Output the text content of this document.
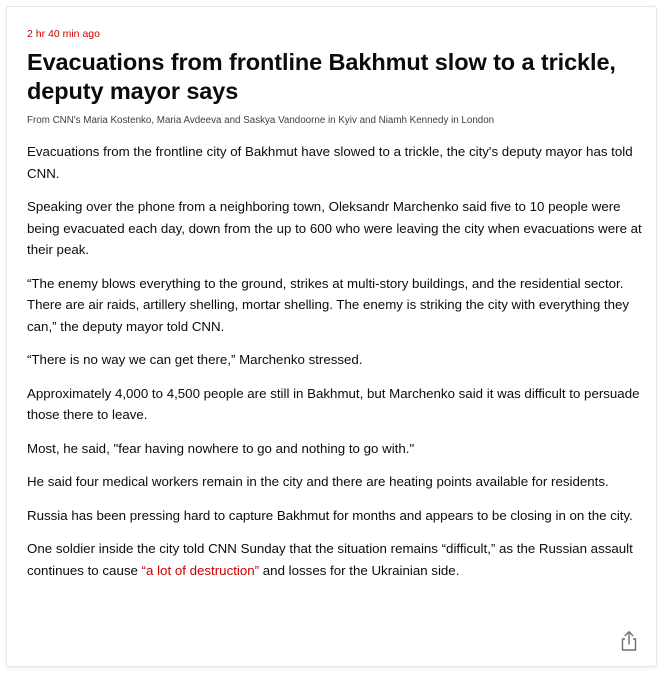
2 hr 40 min ago

Evacuations from frontline Bakhmut slow to a trickle, deputy mayor says

From CNN's Maria Kostenko, Maria Avdeeva and Saskya Vandoorne in Kyiv and Niamh Kennedy in London

Evacuations from the frontline city of Bakhmut have slowed to a trickle, the city's deputy mayor has told CNN.

Speaking over the phone from a neighboring town, Oleksandr Marchenko said five to 10 people were being evacuated each day, down from the up to 600 who were leaving the city when evacuations were at their peak.

“The enemy blows everything to the ground, strikes at multi-story buildings, and the residential sector. There are air raids, artillery shelling, mortar shelling. The enemy is striking the city with everything they can,” the deputy mayor told CNN.

“There is no way we can get there,” Marchenko stressed.

Approximately 4,000 to 4,500 people are still in Bakhmut, but Marchenko said it was difficult to persuade those there to leave.

Most, he said, "fear having nowhere to go and nothing to go with."

He said four medical workers remain in the city and there are heating points available for residents.

Russia has been pressing hard to capture Bakhmut for months and appears to be closing in on the city.

One soldier inside the city told CNN Sunday that the situation remains “difficult,” as the Russian assault continues to cause “a lot of destruction” and losses for the Ukrainian side.
